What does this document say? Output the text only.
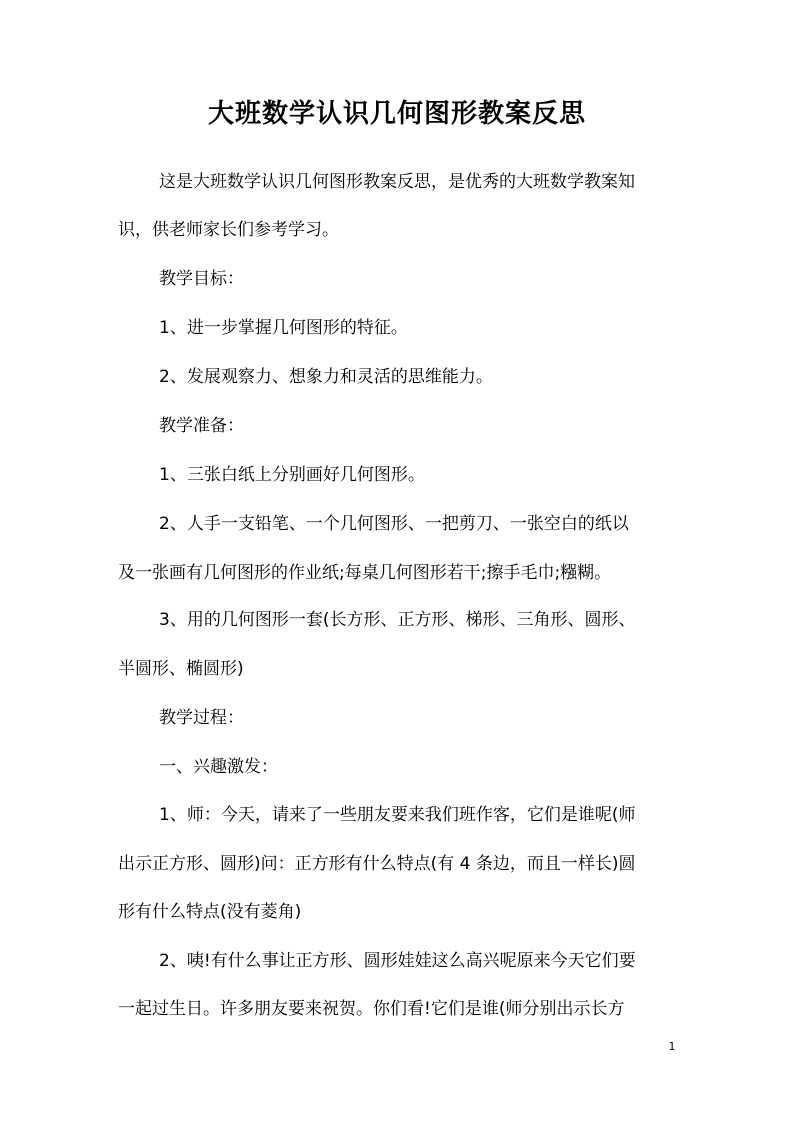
大班数学认识几何图形教案反思
这是大班数学认识几何图形教案反思，是优秀的大班数学教案知
识，供老师家长们参考学习。
教学目标：
1、进一步掌握几何图形的特征。
2、发展观察力、想象力和灵活的思维能力。
教学准备：
1、三张白纸上分别画好几何图形。
2、人手一支铅笔、一个几何图形、一把剪刀、一张空白的纸以
及一张画有几何图形的作业纸;每桌几何图形若干;擦手毛巾;糨糊。
3、用的几何图形一套(长方形、正方形、梯形、三角形、圆形、
半圆形、椭圆形)
教学过程：
一、兴趣激发：
1、师：今天，请来了一些朋友要来我们班作客，它们是谁呢(师
出示正方形、圆形)问：正方形有什么特点(有 4 条边，而且一样长)圆
形有什么特点(没有菱角)
2、咦!有什么事让正方形、圆形娃娃这么高兴呢原来今天它们要
一起过生日。许多朋友要来祝贺。你们看!它们是谁(师分别出示长方
1
